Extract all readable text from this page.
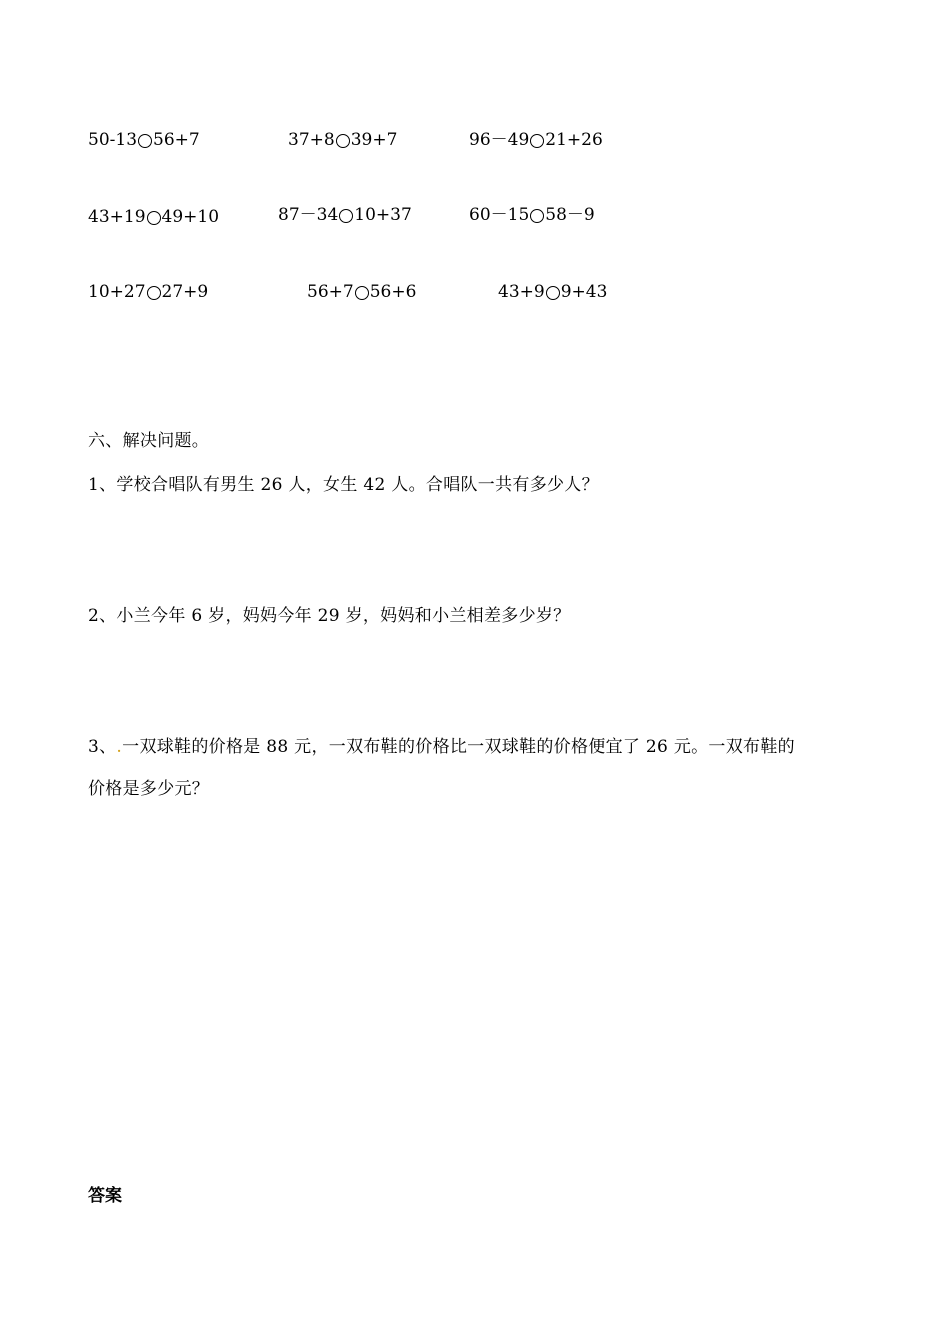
50-13 56+7	37+8 39+7	96－49 21+26
43+19 49+10	87－34 10+37	60－15 58－9
10+27 27+9	56+7 56+6	43+9 9+43
六、解决问题。
1、学校合唱队有男生 26 人，女生 42 人。合唱队一共有多少人？
2、小兰今年 6 岁，妈妈今年 29 岁，妈妈和小兰相差多少岁？
3、.一双球鞋的价格是 88 元，一双布鞋的价格比一双球鞋的价格便宜了 26 元。一双布鞋的
价格是多少元？
答案
